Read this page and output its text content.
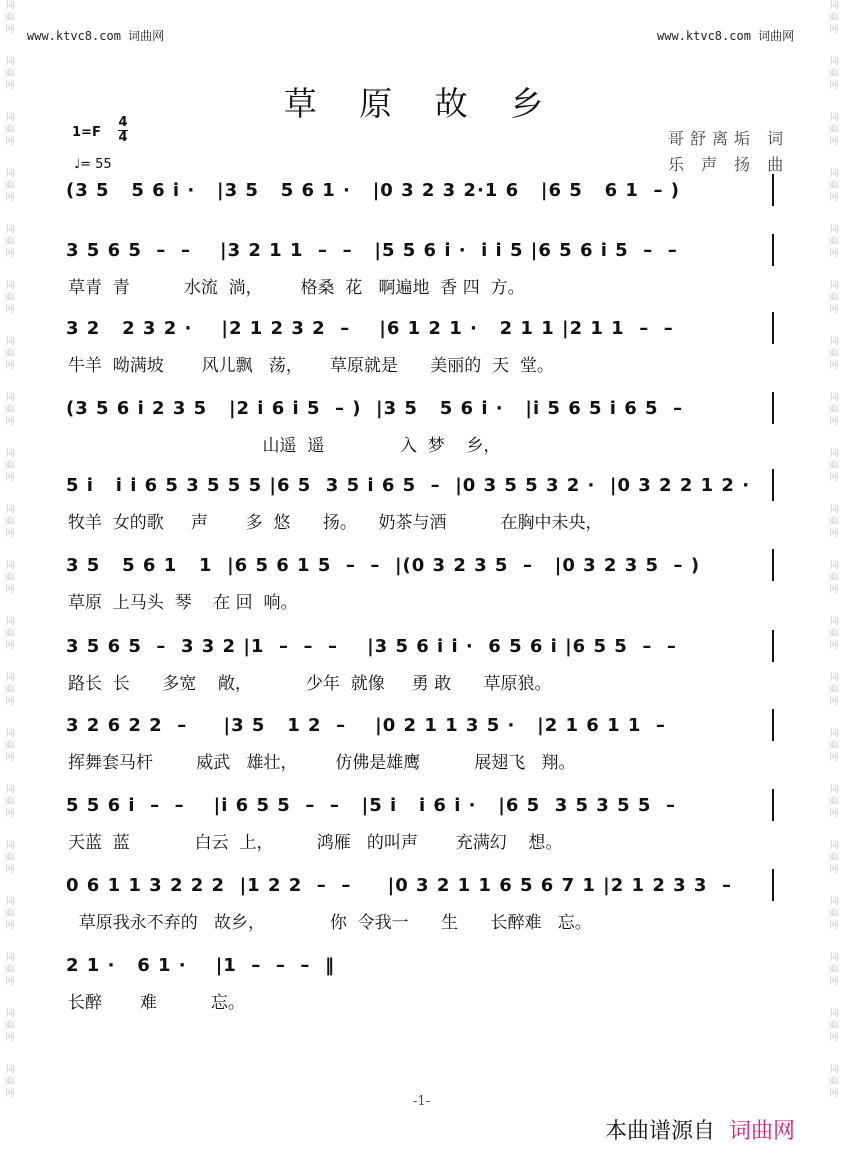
词
曲
网
词
曲
网
词
曲
网
词
曲
网
词
曲
网
词
曲
网
词
曲
网
词
曲
网
词
曲
网
词
曲
网
词
曲
网
词
曲
网
词
曲
网
词
曲
网
词
曲
网
词
曲
网
词
曲
网
词
曲
网
词
曲
网
词
曲
网
词
曲
网
词
曲
网
词
曲
网
词
曲
网
词
曲
网
词
曲
网
词
曲
网
词
曲
网
词
曲
网
词
曲
网
词
曲
网
词
曲
网
词
曲
网
词
曲
网
词
曲
网
词
曲
网
词
曲
网
词
曲
网
词
曲
网
词
曲
网
www.ktvc8.com 词曲网	www.ktvc8.com 词曲网
草 原 故 乡
1=F
4
4
♩= 55
哥舒离垢 词
乐 声 扬 曲
(3 5   5 6 i ·   |3 5   5 6 1 ·   |0 3 2 3 2·1 6   |6 5   6 1  – )
3 5 6 5  –  –    |3 2 1 1  –  –   |5 5 6 i ·  i i 5 |6 5 6 i 5  –  –
草青  青          水流  淌，       格桑  花   啊遍地  香 四  方。
3 2   2 3 2 ·    |2 1 2 3 2  –    |6 1 2 1 ·   2 1 1 |2 1 1  –  –
牛羊  呦满坡       风儿飘   荡，     草原就是      美丽的  天  堂。
(3 5 6 i 2 3 5   |2 i 6 i 5  – )  |3 5   5 6 i ·   |i 5 6 5 i 6 5  –
山遥  遥              入  梦    乡，
5 i   i i 6 5 3 5 5 5 |6 5  3 5 i 6 5  –  |0 3 5 5 3 2 ·  |0 3 2 2 1 2 ·
牧羊  女的歌     声       多  悠      扬。    奶茶与酒          在胸中未央，
3 5   5 6 1   1  |6 5 6 1 5  –  –  |(0 3 2 3 5  –   |0 3 2 3 5  – )
草原  上马头  琴    在 回  响。
3 5 6 5  –  3 3 2 |1  –  –  –    |3 5 6 i i ·  6 5 6 i |6 5 5  –  –
路长  长      多宽    敞，          少年  就像     勇 敢      草原狼。
3 2 6 2 2  –     |3 5   1 2  –    |0 2 1 1 3 5 ·   |2 1 6 1 1  –
挥舞套马杆        威武   雄壮，       仿佛是雄鹰          展翅飞   翔。
5 5 6 i  –  –    |i 6 5 5  –  –   |5 i   i 6 i ·   |6 5  3 5 3 5 5  –
天蓝  蓝            白云  上，        鸿雁   的叫声       充满幻    想。
0 6 1 1 3 2 2 2  |1 2 2  –  –     |0 3 2 1 1 6 5 6 7 1 |2 1 2 3 3  –
草原我永不弃的   故乡，            你  令我一      生      长醉难   忘。
2 1 ·   6 1 ·    |1  –  –  –  ‖
长醉       难          忘。
-1-
本曲谱源自 词曲网
